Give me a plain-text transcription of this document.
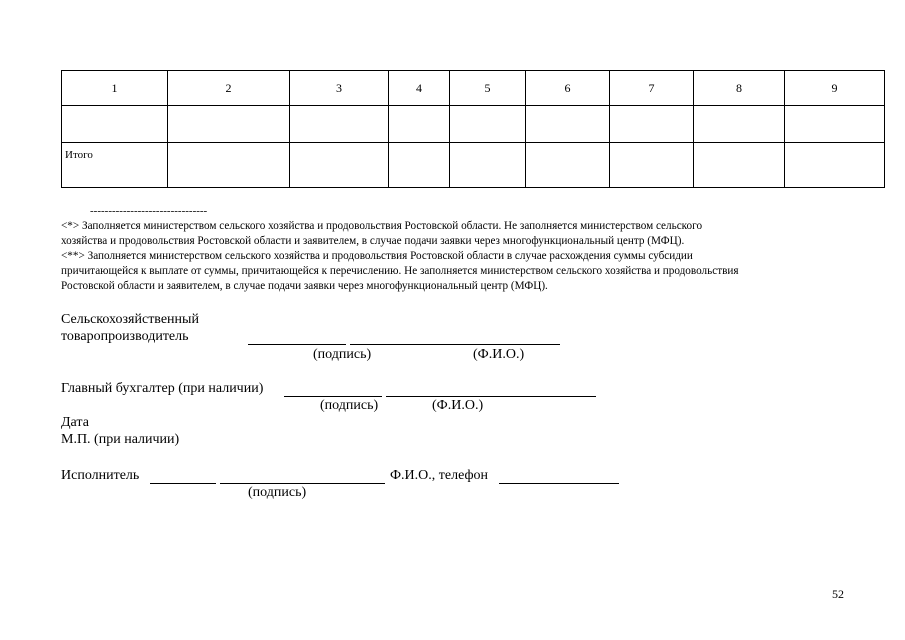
1	2	3	4	5	6	7	8	9

Итого								
--------------------------------

<*> Заполняется министерством сельского хозяйства и продовольствия Ростовской области. Не заполняется министерством сельского

хозяйства и продовольствия Ростовской области и заявителем, в случае подачи заявки через многофункциональный центр (МФЦ).

<**> Заполняется министерством сельского хозяйства и продовольствия Ростовской области в случае расхождения суммы субсидии

причитающейся к выплате от суммы, причитающейся к перечислению. Не заполняется министерством сельского хозяйства и продовольствия

Ростовской области и заявителем, в случае подачи заявки через многофункциональный центр (МФЦ).

Сельскохозяйственный
товаропроизводитель
(подпись)	(Ф.И.О.)
Главный бухгалтер (при наличии)
(подпись)	(Ф.И.О.)
Дата
М.П. (при наличии)
Исполнитель	Ф.И.О., телефон
(подпись)
52
